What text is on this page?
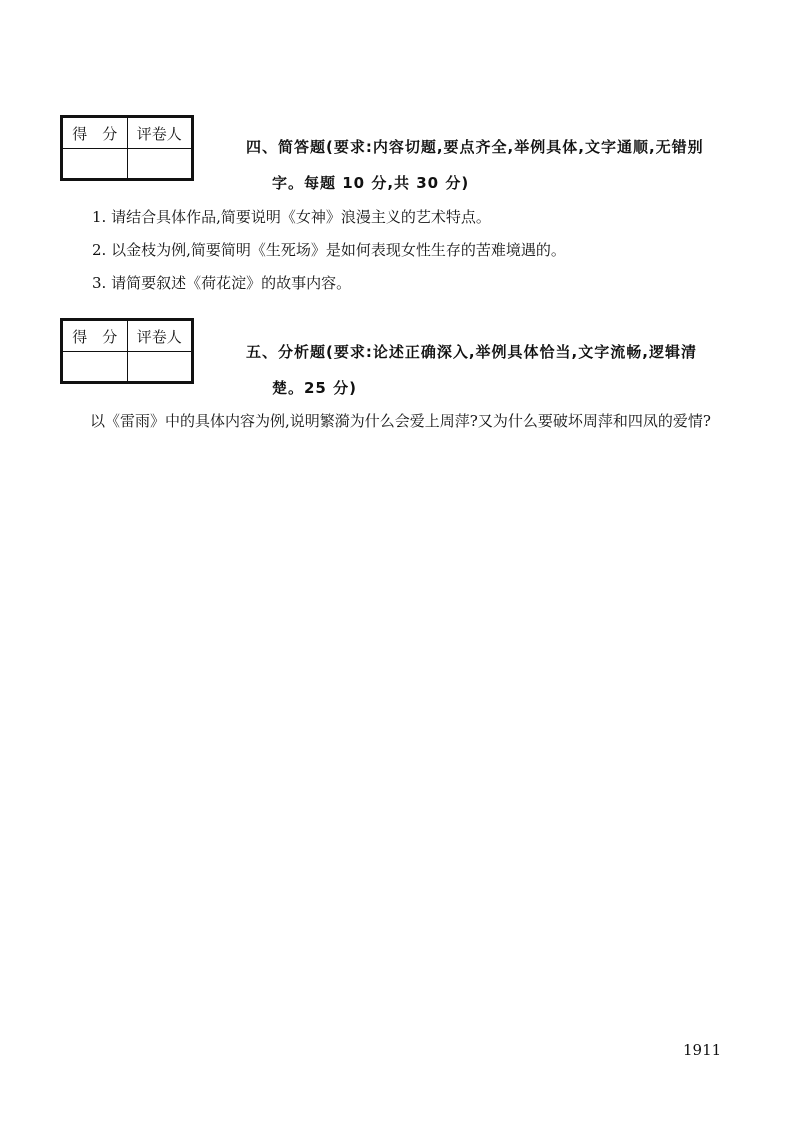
得　分	评卷人

四、简答题(要求:内容切题,要点齐全,举例具体,文字通顺,无错别
字。每题 10 分,共 30 分)
1. 请结合具体作品,简要说明《女神》浪漫主义的艺术特点。
2. 以金枝为例,简要简明《生死场》是如何表现女性生存的苦难境遇的。
3. 请简要叙述《荷花淀》的故事内容。
得　分	评卷人

五、分析题(要求:论述正确深入,举例具体恰当,文字流畅,逻辑清
楚。25 分)
以《雷雨》中的具体内容为例,说明繁漪为什么会爱上周萍?又为什么要破坏周萍和四凤的爱情?
1911
